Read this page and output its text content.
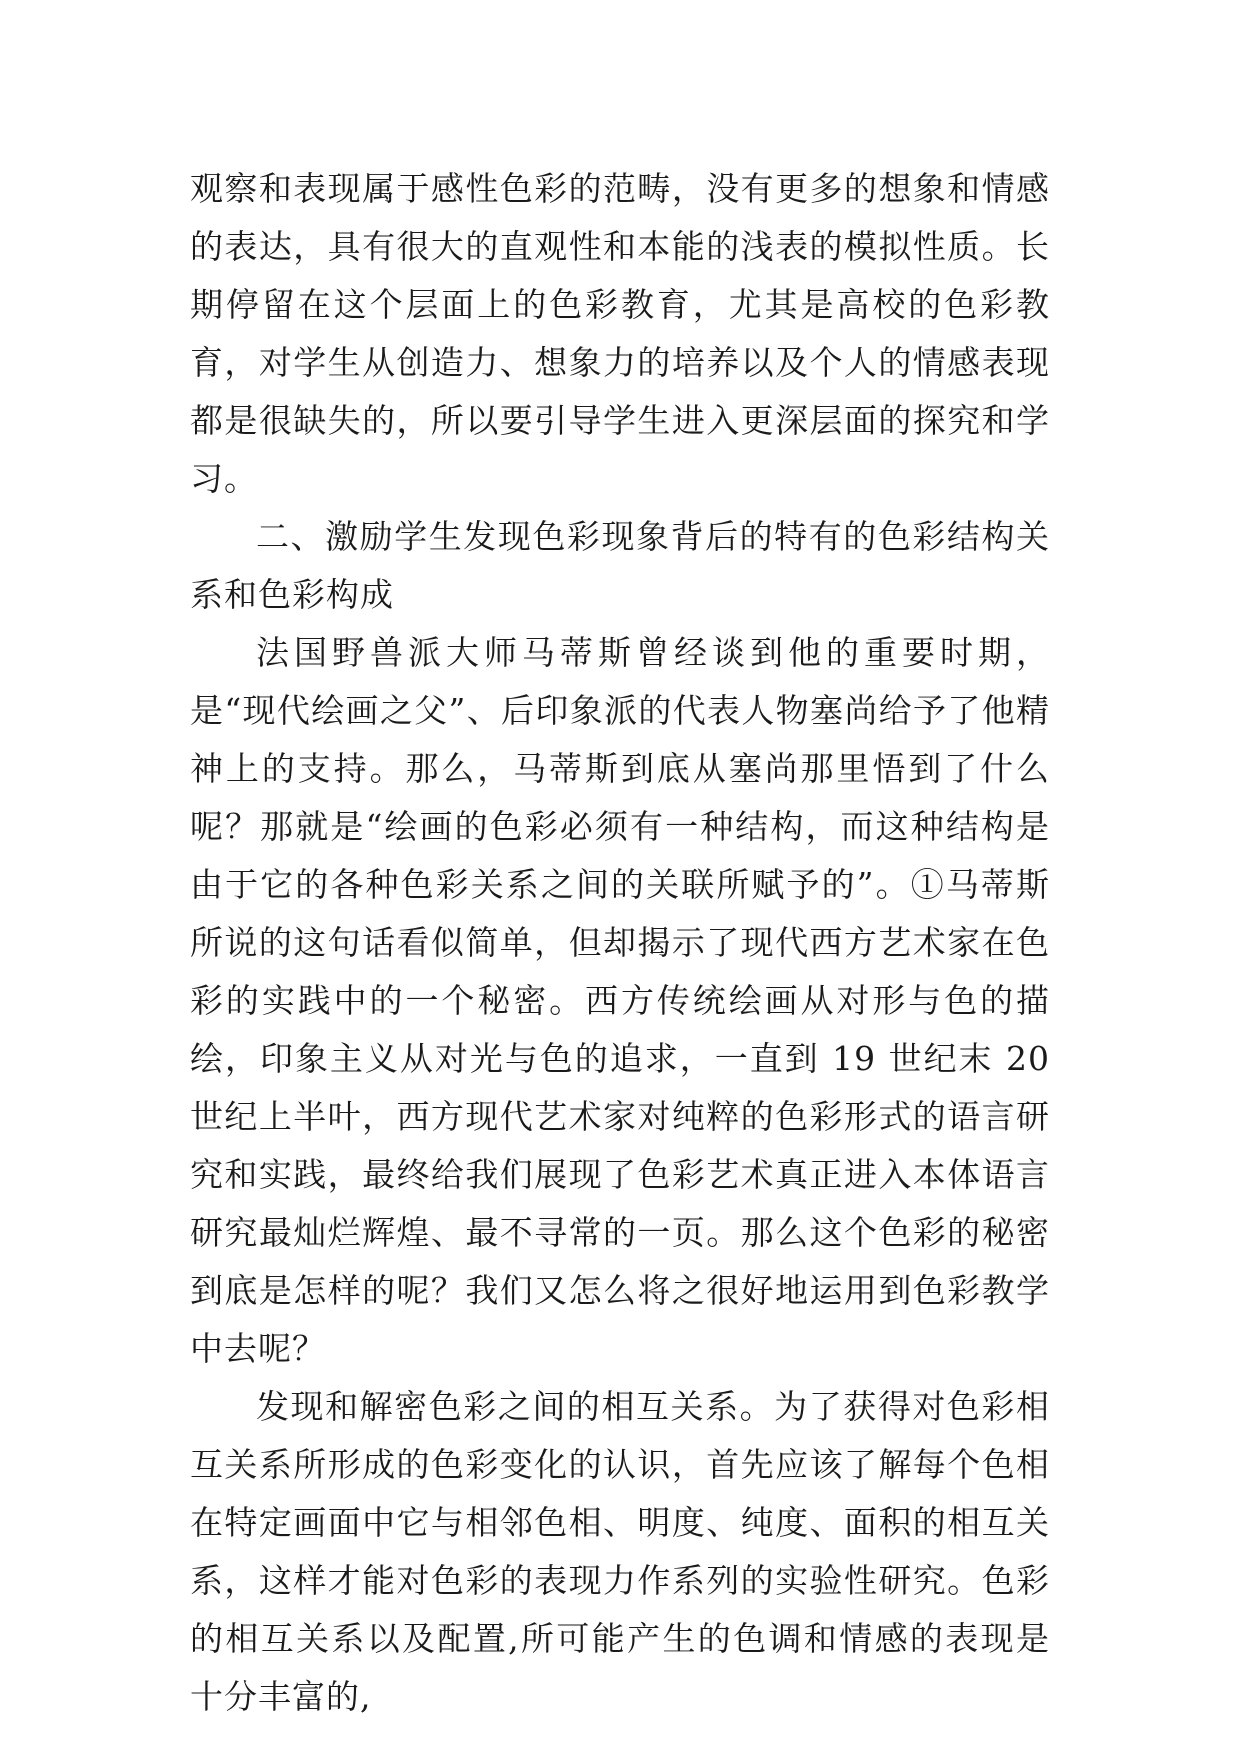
观察和表现属于感性色彩的范畴，没有更多的想象和情感的表达，具有很大的直观性和本能的浅表的模拟性质。长期停留在这个层面上的色彩教育，尤其是高校的色彩教育，对学生从创造力、想象力的培养以及个人的情感表现都是很缺失的，所以要引导学生进入更深层面的探究和学习。

二、激励学生发现色彩现象背后的特有的色彩结构关系和色彩构成

法国野兽派大师马蒂斯曾经谈到他的重要时期，是“现代绘画之父”、后印象派的代表人物塞尚给予了他精神上的支持。那么，马蒂斯到底从塞尚那里悟到了什么呢？那就是“绘画的色彩必须有一种结构，而这种结构是由于它的各种色彩关系之间的关联所赋予的”。①马蒂斯所说的这句话看似简单，但却揭示了现代西方艺术家在色彩的实践中的一个秘密。西方传统绘画从对形与色的描绘，印象主义从对光与色的追求，一直到 19 世纪末 20 世纪上半叶，西方现代艺术家对纯粹的色彩形式的语言研究和实践，最终给我们展现了色彩艺术真正进入本体语言研究最灿烂辉煌、最不寻常的一页。那么这个色彩的秘密到底是怎样的呢？我们又怎么将之很好地运用到色彩教学中去呢？

发现和解密色彩之间的相互关系。为了获得对色彩相互关系所形成的色彩变化的认识，首先应该了解每个色相在特定画面中它与相邻色相、明度、纯度、面积的相互关系，这样才能对色彩的表现力作系列的实验性研究。色彩的相互关系以及配置,所可能产生的色调和情感的表现是十分丰富的,
